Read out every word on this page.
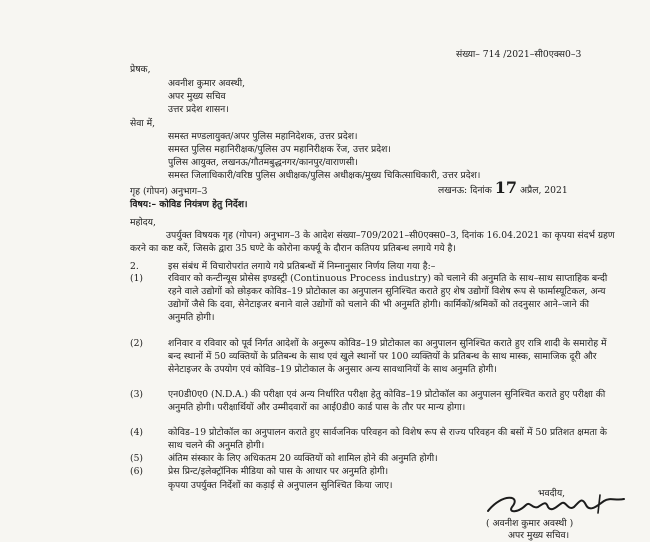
संख्या– 714 /2021–सी0एक्स0–3
प्रेषक,
अवनीश कुमार अवस्थी,
अपर मुख्य सचिव
उत्तर प्रदेश शासन।
सेवा में,
समस्त मण्डलायुक्त/अपर पुलिस महानिदेशक, उत्तर प्रदेश।
समस्त पुलिस महानिरीक्षक/पुलिस उप महानिरीक्षक रेंज, उत्तर प्रदेश।
पुलिस आयुक्त, लखनऊ/गौतमबुद्धनगर/कानपुर/वाराणसी।
समस्त जिलाधिकारी/वरिष्ठ पुलिस अधीक्षक/पुलिस अधीक्षक/मुख्य चिकित्साधिकारी, उत्तर प्रदेश।
गृह (गोपन) अनुभाग–3	लखनऊ: दिनांक 17 अप्रैल, 2021
विषय:– कोविड नियंत्रण हेतु निर्देश।
महोदय,
उपर्युक्त विषयक गृह (गोपन) अनुभाग–3 के आदेश संख्या–709/2021–सी0एक्स0–3, दिनांक 16.04.2021 का कृपया संदर्भ ग्रहण करने का कष्ट करें, जिसके द्वारा 35 घण्टे के कोरोना कर्फ्यू के दौरान कतिपय प्रतिबन्ध लगाये गये है।
2.	इस संबंध में विचारोपरांत लगाये गये प्रतिबन्धों में निम्नानुसार निर्णय लिया गया है:–
(1)	रविवार को कन्टीन्यूस प्रोसेस इण्डस्ट्री (Continuous Process industry) को चलाने की अनुमति के साथ–साथ साप्ताहिक बन्दी रहने वाले उद्योगों को छोड़कर कोविड–19 प्रोटोकाल का अनुपालन सुनिश्चित कराते हुए शेष उद्योगों विशेष रूप से फार्मास्यूटिकल, अन्य उद्योगों जैसे कि दवा, सेनेटाइजर बनाने वाले उद्योगों को चलाने की भी अनुमति होगी। कार्मिकों/श्रमिकों को तदनुसार आने–जाने की अनुमति होगी।
(2)	शनिवार व रविवार को पूर्व निर्गत आदेशों के अनुरूप कोविड–19 प्रोटोकाल का अनुपालन सुनिश्चित कराते हुए रात्रि शादी के समारोह में बन्द स्थानों में 50 व्यक्तियों के प्रतिबन्ध के साथ एवं खुले स्थानों पर 100 व्यक्तियों के प्रतिबन्ध के साथ मास्क, सामाजिक दूरी और सेनेटाइजर के उपयोग एवं कोविड–19 प्रोटोकाल के अनुसार अन्य सावधानियों के साथ अनुमति होगी।
(3)	एन0डी0ए0 (N.D.A.) की परीक्षा एवं अन्य निर्धारित परीक्षा हेतु कोविड–19 प्रोटोकॉल का अनुपालन सुनिश्चित कराते हुए परीक्षा की अनुमति होगी। परीक्षार्थियों और उम्मीदवारों का आई0डी0 कार्ड पास के तौर पर मान्य होगा।
(4)	कोविड–19 प्रोटोकॉल का अनुपालन कराते हुए सार्वजनिक परिवहन को विशेष रूप से राज्य परिवहन की बसों में 50 प्रतिशत क्षमता के साथ चलने की अनुमति होगी।
(5)	अंतिम संस्कार के लिए अधिकतम 20 व्यक्तियों को शामिल होने की अनुमति होगी।
(6)	प्रेस प्रिन्ट/इलेक्ट्रॉनिक मीडिया को पास के आधार पर अनुमति होगी।
कृपया उपर्युक्त निर्देशों का कड़ाई से अनुपालन सुनिश्चित किया जाए।
भवदीय,
( अवनीश कुमार अवस्थी )
अपर मुख्य सचिव।
